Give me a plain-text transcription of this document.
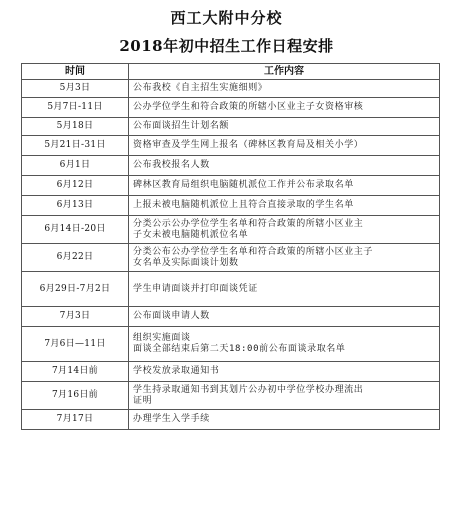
西工大附中分校
2018年初中招生工作日程安排
时间	工作内容
5月3日	公布我校《自主招生实施细则》

5月7日-11日	公办学位学生和符合政策的所辖小区业主子女资格审核

5月18日	公布面谈招生计划名额

5月21日-31日	资格审查及学生网上报名（碑林区教育局及相关小学）

6月1日	公布我校报名人数

6月12日	碑林区教育局组织电脑随机派位工作并公布录取名单

6月13日	上报未被电脑随机派位上且符合直接录取的学生名单

6月14日-20日	分类公示公办学位学生名单和符合政策的所辖小区业主
子女未被电脑随机派位名单

6月22日	分类公布公办学位学生名单和符合政策的所辖小区业主子
女名单及实际面谈计划数

6月29日-7月2日	学生申请面谈并打印面谈凭证

7月3日	公布面谈申请人数

7月6日—11日	组织实施面谈
面谈全部结束后第二天18:00前公布面谈录取名单

7月14日前	学校发放录取通知书

7月16日前	学生持录取通知书到其划片公办初中学位学校办理流出
证明

7月17日	办理学生入学手续
